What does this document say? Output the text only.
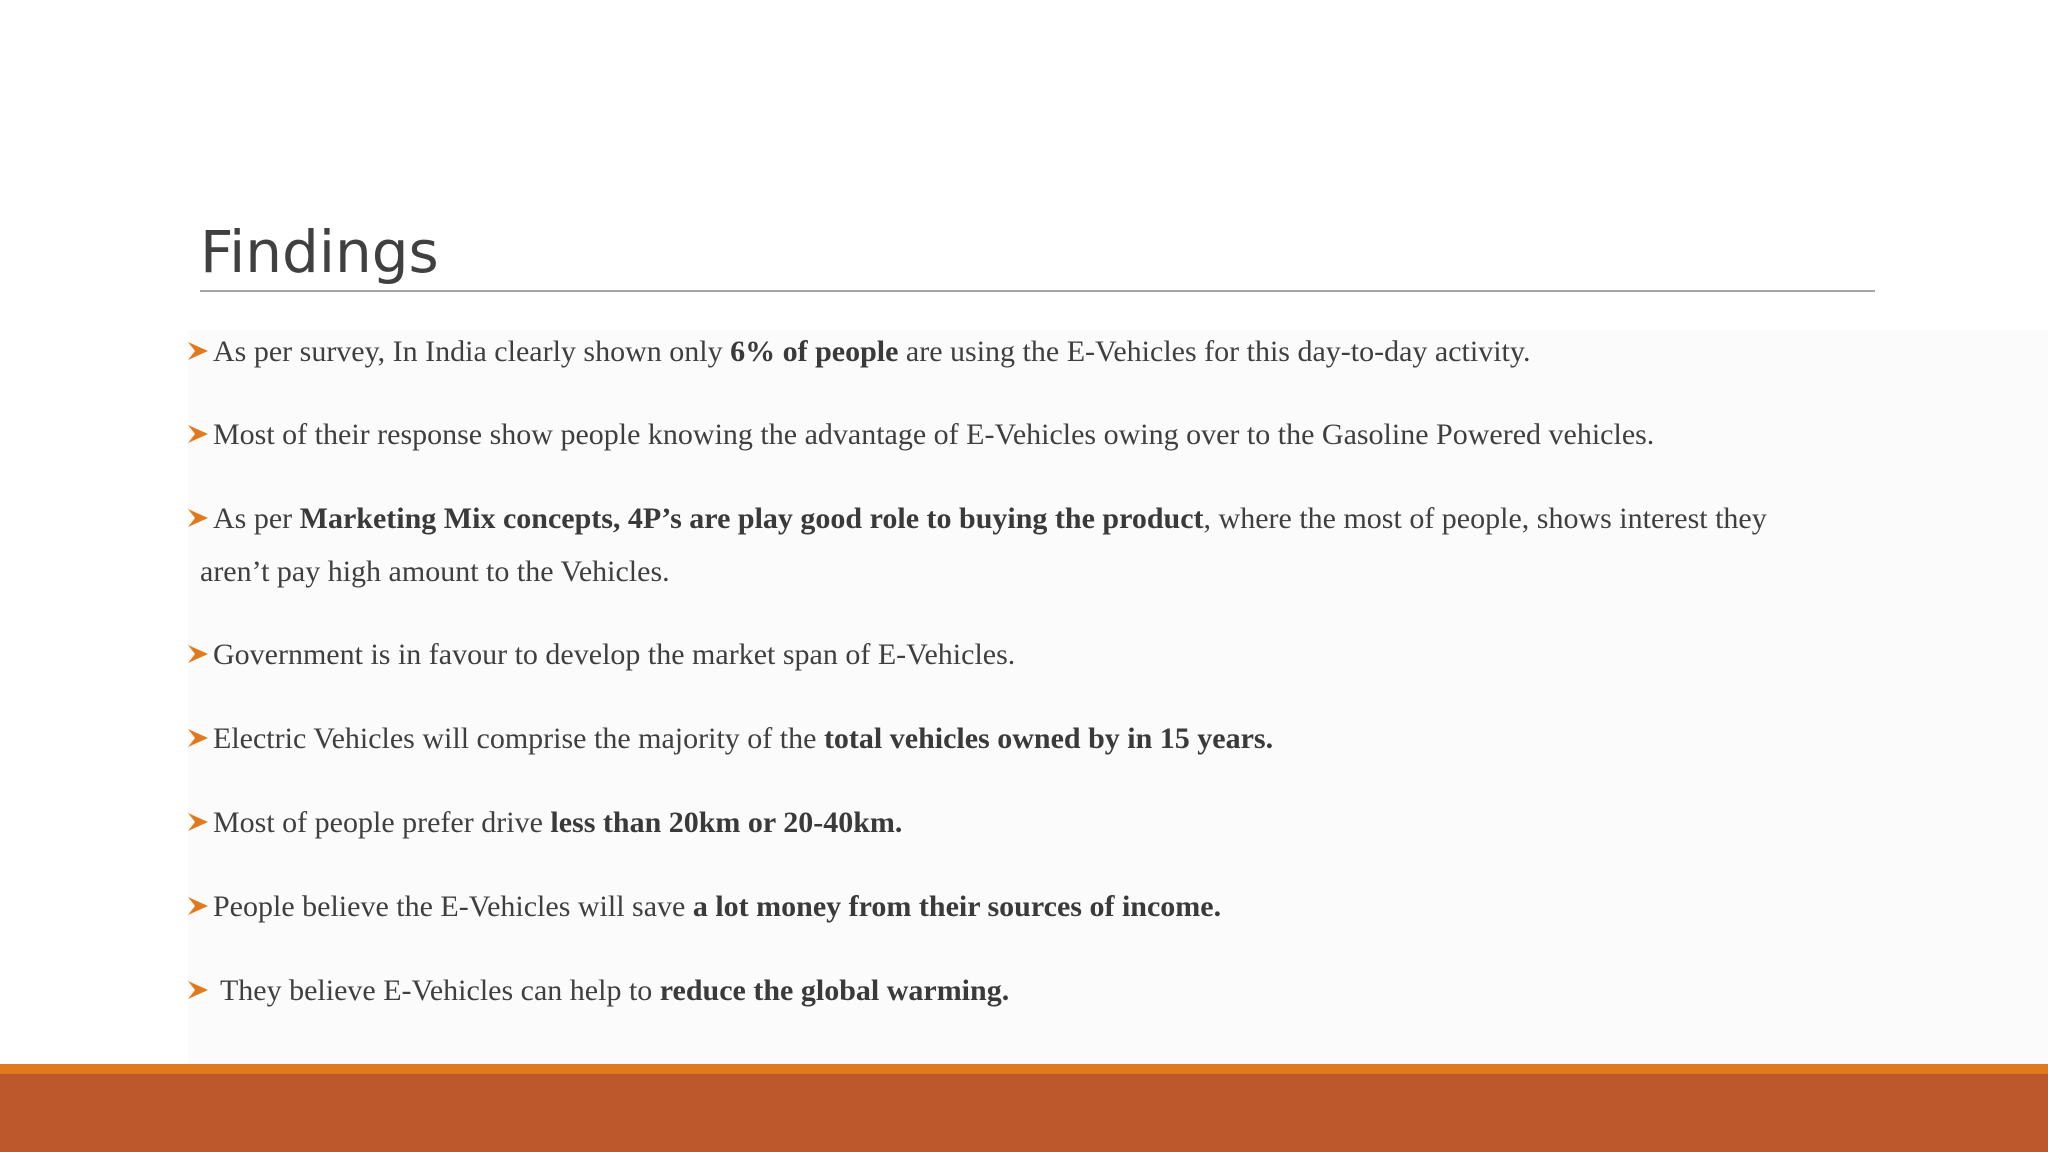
Findings
As per survey, In India clearly shown only 6% of people are using the E-Vehicles for this day-to-day activity.
Most of their response show people knowing the advantage of E-Vehicles owing over to the Gasoline Powered vehicles.
As per Marketing Mix concepts, 4P’s are play good role to buying the product, where the most of people, shows interest they
aren’t pay high amount to the Vehicles.
Government is in favour to develop the market span of E-Vehicles.
Electric Vehicles will comprise the majority of the total vehicles owned by in 15 years.
Most of people prefer drive less than 20km or 20-40km.
People believe the E-Vehicles will save a lot money from their sources of income.
They believe E-Vehicles can help to reduce the global warming.
